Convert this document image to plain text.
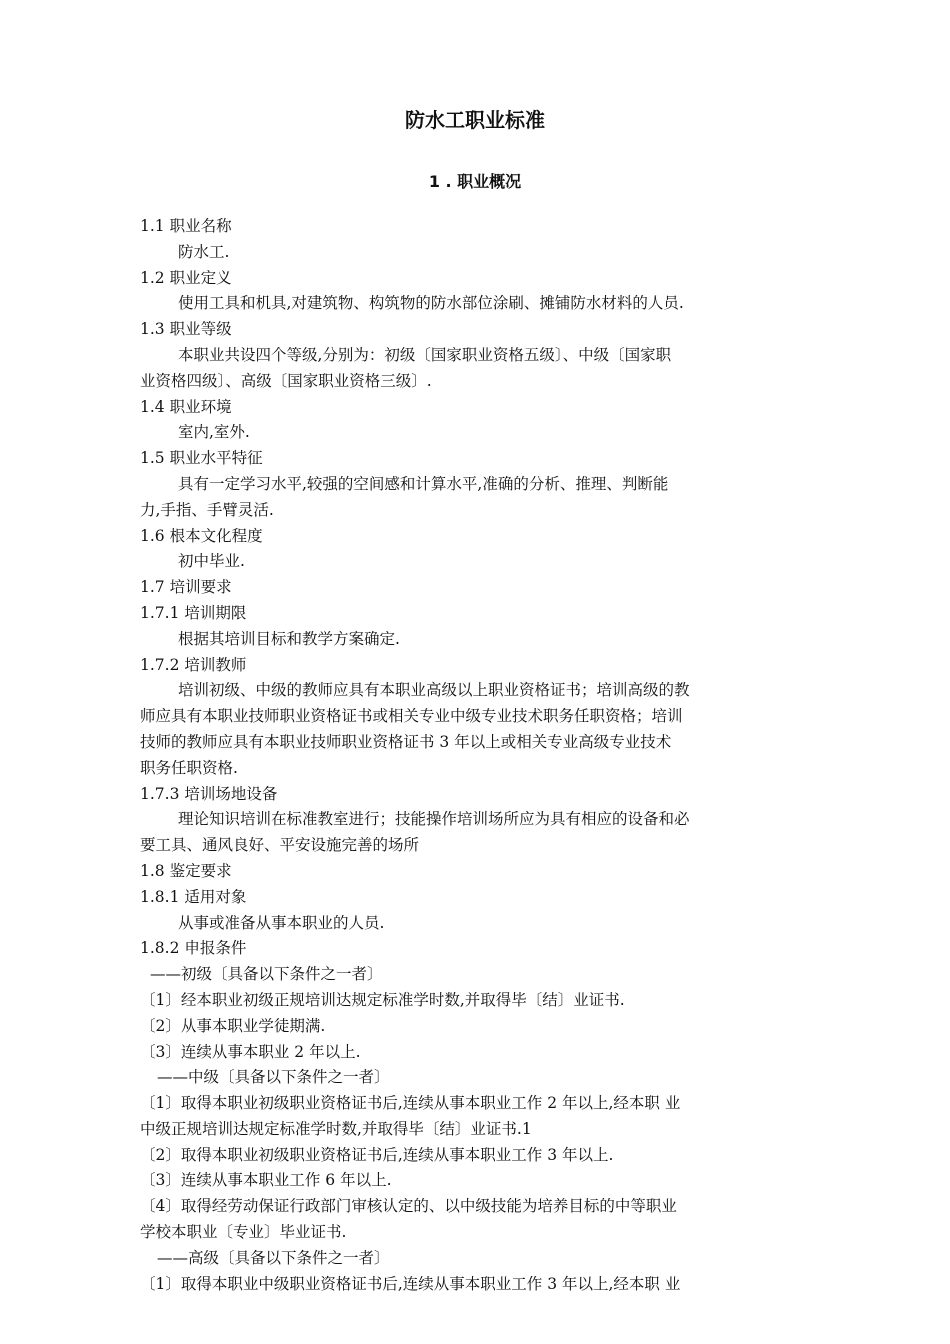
防水工职业标准
1 . 职业概况
1.1 职业名称
防水工.
1.2 职业定义
使用工具和机具,对建筑物、构筑物的防水部位涂刷、摊铺防水材料的人员.
1.3 职业等级
本职业共设四个等级,分别为：初级〔国家职业资格五级〕、中级〔国家职
业资格四级〕、高级〔国家职业资格三级〕.
1.4 职业环境
室内,室外.
1.5 职业水平特征
具有一定学习水平,较强的空间感和计算水平,准确的分析、推理、判断能
力,手指、手臂灵活.
1.6 根本文化程度
初中毕业.
1.7 培训要求
1.7.1 培训期限
根据其培训目标和教学方案确定.
1.7.2 培训教师
培训初级、中级的教师应具有本职业高级以上职业资格证书；培训高级的教
师应具有本职业技师职业资格证书或相关专业中级专业技术职务任职资格；培训
技师的教师应具有本职业技师职业资格证书 3 年以上或相关专业高级专业技术
职务任职资格.
1.7.3 培训场地设备
理论知识培训在标准教室进行；技能操作培训场所应为具有相应的设备和必
要工具、通风良好、平安设施完善的场所
1.8 鉴定要求
1.8.1 适用对象
从事或准备从事本职业的人员.
1.8.2 申报条件
——初级〔具备以下条件之一者〕
〔1〕经本职业初级正规培训达规定标准学时数,并取得毕〔结〕业证书.
〔2〕从事本职业学徒期满.
〔3〕连续从事本职业 2 年以上.
——中级〔具备以下条件之一者〕
〔1〕取得本职业初级职业资格证书后,连续从事本职业工作 2 年以上,经本职 业
中级正规培训达规定标准学时数,并取得毕〔结〕业证书.1
〔2〕取得本职业初级职业资格证书后,连续从事本职业工作 3 年以上.
〔3〕连续从事本职业工作 6 年以上.
〔4〕取得经劳动保证行政部门审核认定的、以中级技能为培养目标的中等职业
学校本职业〔专业〕毕业证书.
——高级〔具备以下条件之一者〕
〔1〕取得本职业中级职业资格证书后,连续从事本职业工作 3 年以上,经本职 业
